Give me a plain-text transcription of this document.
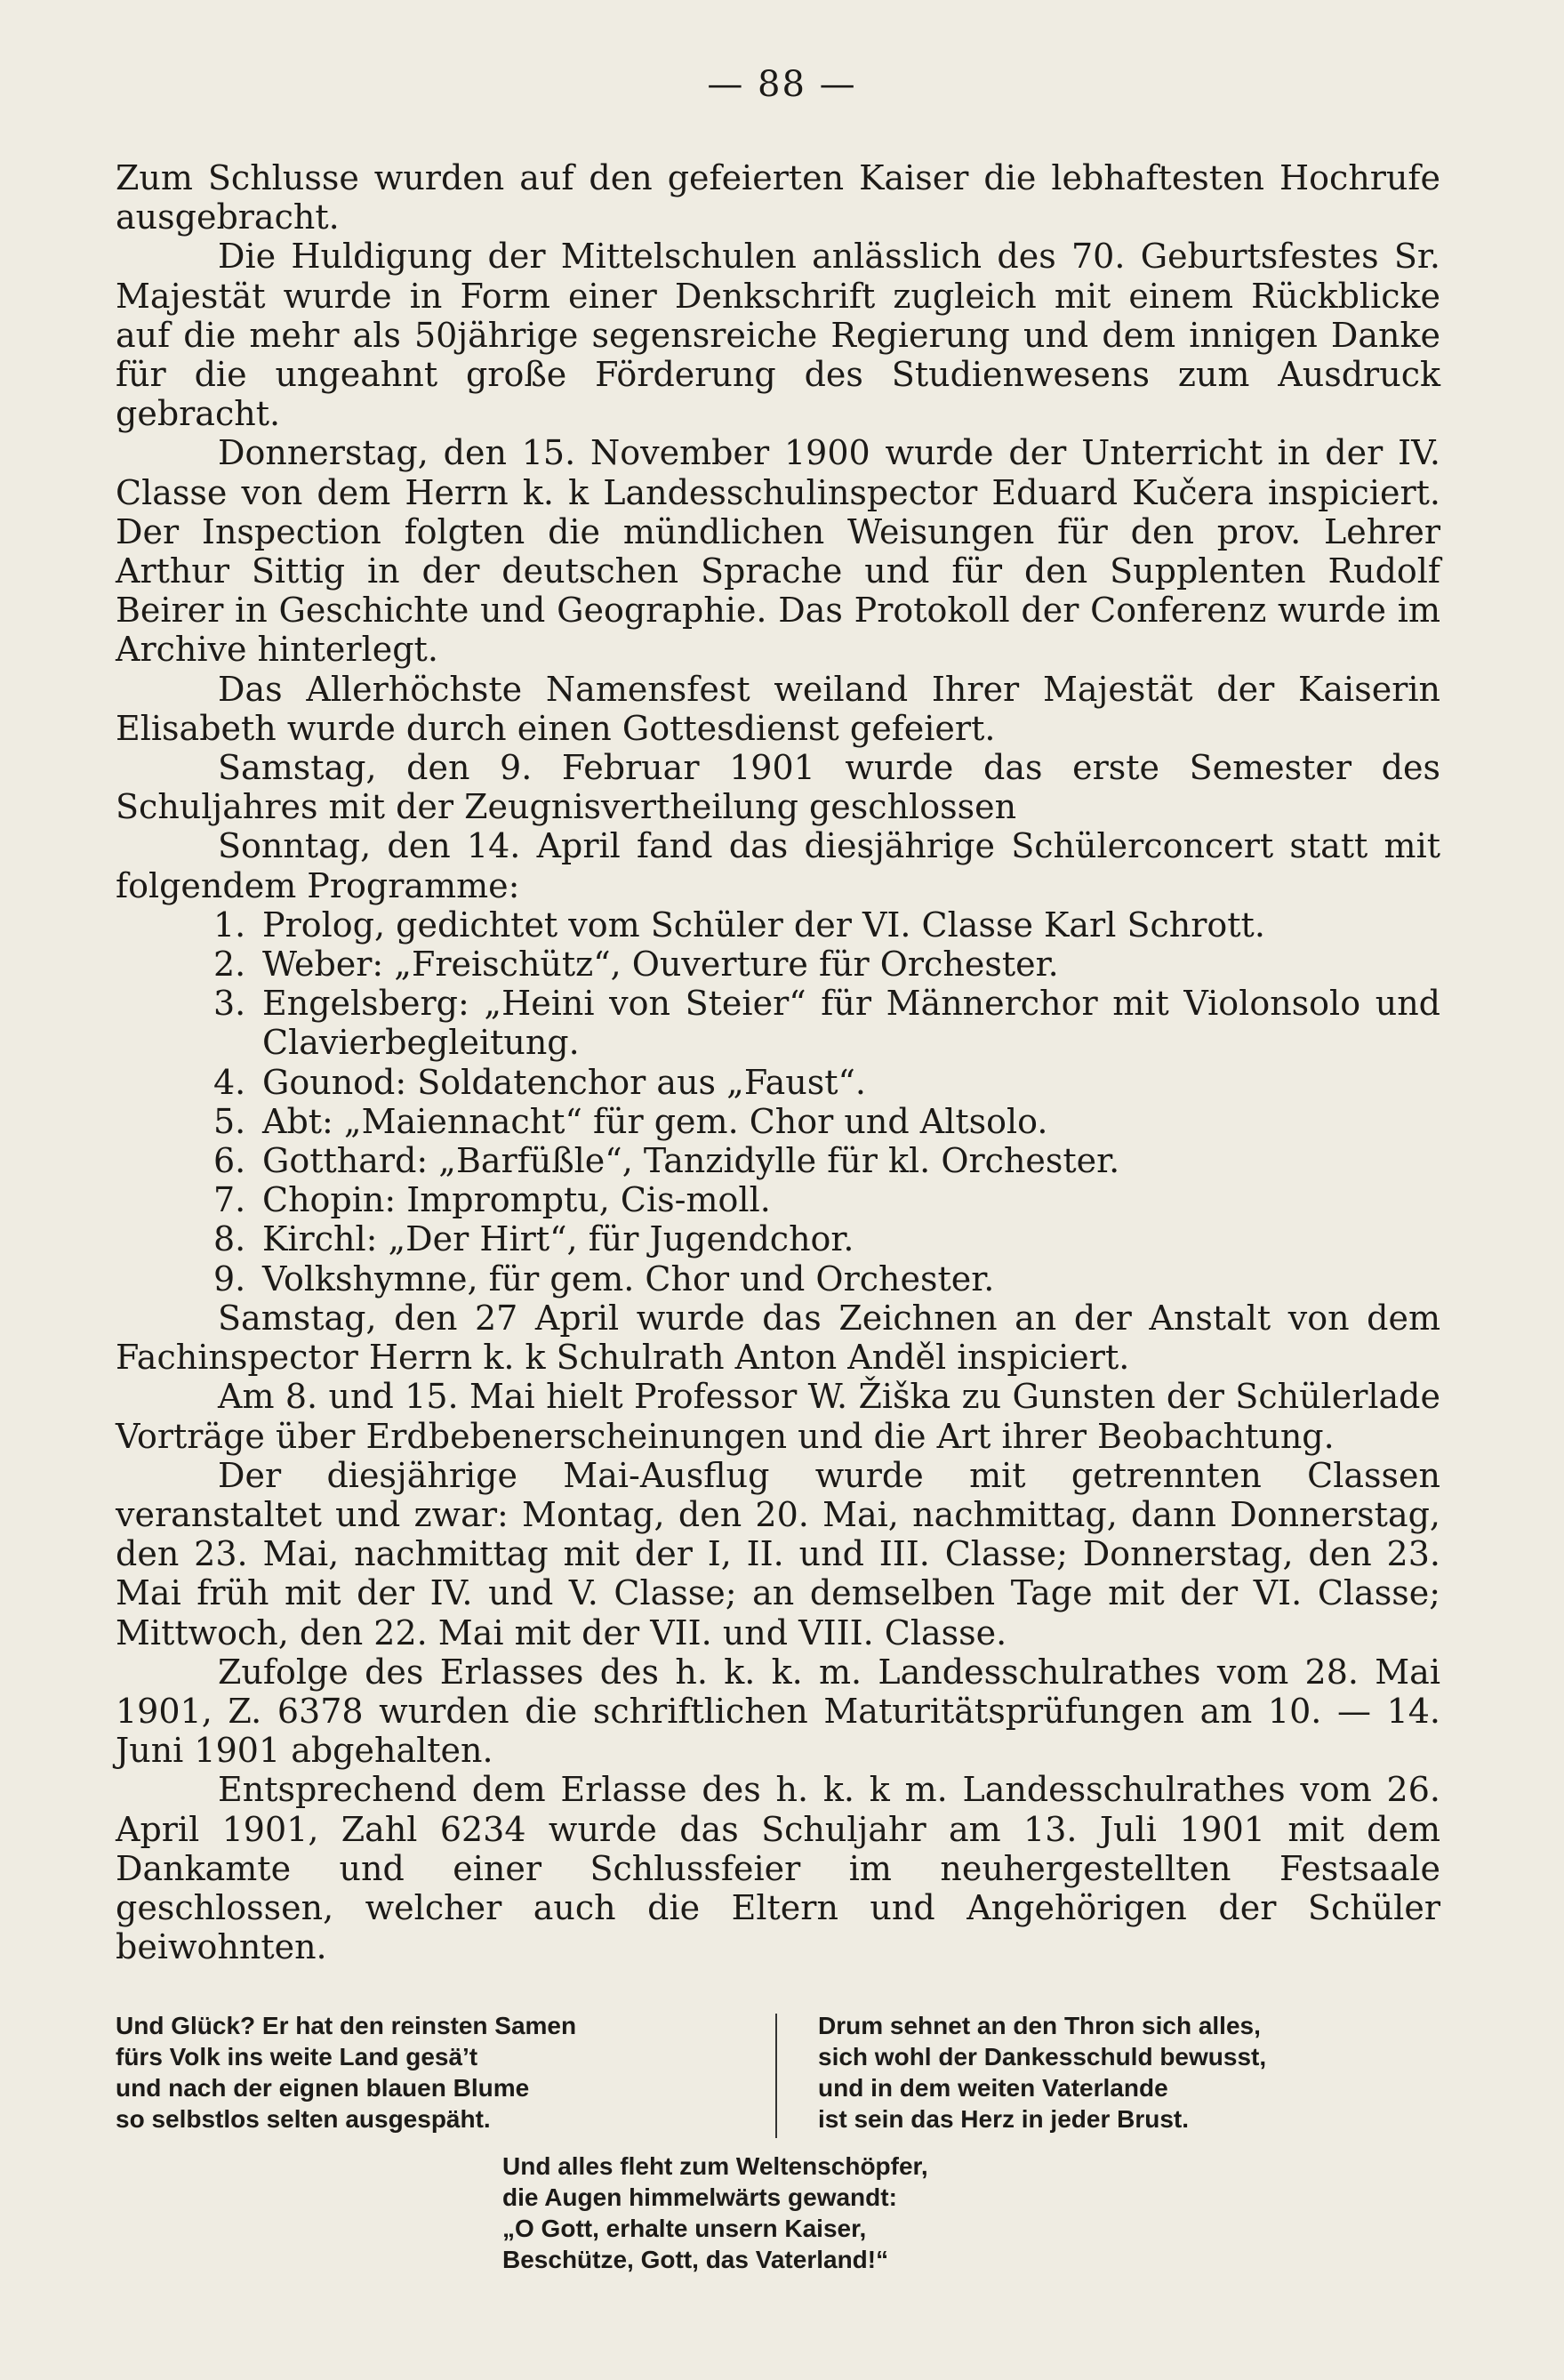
— 88 —

Zum Schlusse wurden auf den gefeierten Kaiser die lebhaftesten Hochrufe ausgebracht.

Die Huldigung der Mittelschulen anlässlich des 70. Geburtsfestes Sr. Majestät wurde in Form einer Denkschrift zugleich mit einem Rückblicke auf die mehr als 50jährige segensreiche Regierung und dem innigen Danke für die ungeahnt große Förderung des Studienwesens zum Ausdruck gebracht.

Donnerstag, den 15. November 1900 wurde der Unterricht in der IV. Classe von dem Herrn k. k Landesschulinspector Eduard Kučera inspiciert. Der Inspection folgten die mündlichen Weisungen für den prov. Lehrer Arthur Sittig in der deutschen Sprache und für den Supplenten Rudolf Beirer in Geschichte und Geographie. Das Protokoll der Conferenz wurde im Archive hinterlegt.

Das Allerhöchste Namensfest weiland Ihrer Majestät der Kaiserin Elisabeth wurde durch einen Gottesdienst gefeiert.

Samstag, den 9. Februar 1901 wurde das erste Semester des Schuljahres mit der Zeugnisvertheilung geschlossen

Sonntag, den 14. April fand das diesjährige Schülerconcert statt mit folgendem Programme:

1. Prolog, gedichtet vom Schüler der VI. Classe Karl Schrott.
2. Weber: „Freischütz“, Ouverture für Orchester.
3. Engelsberg: „Heini von Steier“ für Männerchor mit Violonsolo und Clavierbegleitung.
4. Gounod: Soldatenchor aus „Faust“.
5. Abt: „Maiennacht“ für gem. Chor und Altsolo.
6. Gotthard: „Barfüßle“, Tanzidylle für kl. Orchester.
7. Chopin: Impromptu, Cis-moll.
8. Kirchl: „Der Hirt“, für Jugendchor.
9. Volkshymne, für gem. Chor und Orchester.

Samstag, den 27 April wurde das Zeichnen an der Anstalt von dem Fachinspector Herrn k. k Schulrath Anton Anděl inspiciert.

Am 8. und 15. Mai hielt Professor W. Žiška zu Gunsten der Schülerlade Vorträge über Erdbebenerscheinungen und die Art ihrer Beobachtung.

Der diesjährige Mai-Ausflug wurde mit getrennten Classen veranstaltet und zwar: Montag, den 20. Mai, nachmittag, dann Donnerstag, den 23. Mai, nachmittag mit der I, II. und III. Classe; Donnerstag, den 23. Mai früh mit der IV. und V. Classe; an demselben Tage mit der VI. Classe; Mittwoch, den 22. Mai mit der VII. und VIII. Classe.

Zufolge des Erlasses des h. k. k. m. Landesschulrathes vom 28. Mai 1901, Z. 6378 wurden die schriftlichen Maturitätsprüfungen am 10. — 14. Juni 1901 abgehalten.

Entsprechend dem Erlasse des h. k. k m. Landesschulrathes vom 26. April 1901, Zahl 6234 wurde das Schuljahr am 13. Juli 1901 mit dem Dankamte und einer Schlussfeier im neuhergestellten Festsaale geschlossen, welcher auch die Eltern und Angehörigen der Schüler beiwohnten.

Und Glück? Er hat den reinsten Samen
fürs Volk ins weite Land gesä’t
und nach der eignen blauen Blume
so selbstlos selten ausgespäht.
Drum sehnet an den Thron sich alles,
sich wohl der Dankesschuld bewusst,
und in dem weiten Vaterlande
ist sein das Herz in jeder Brust.
Und alles fleht zum Weltenschöpfer,
die Augen himmelwärts gewandt:
„O Gott, erhalte unsern Kaiser,
Beschütze, Gott, das Vaterland!“
